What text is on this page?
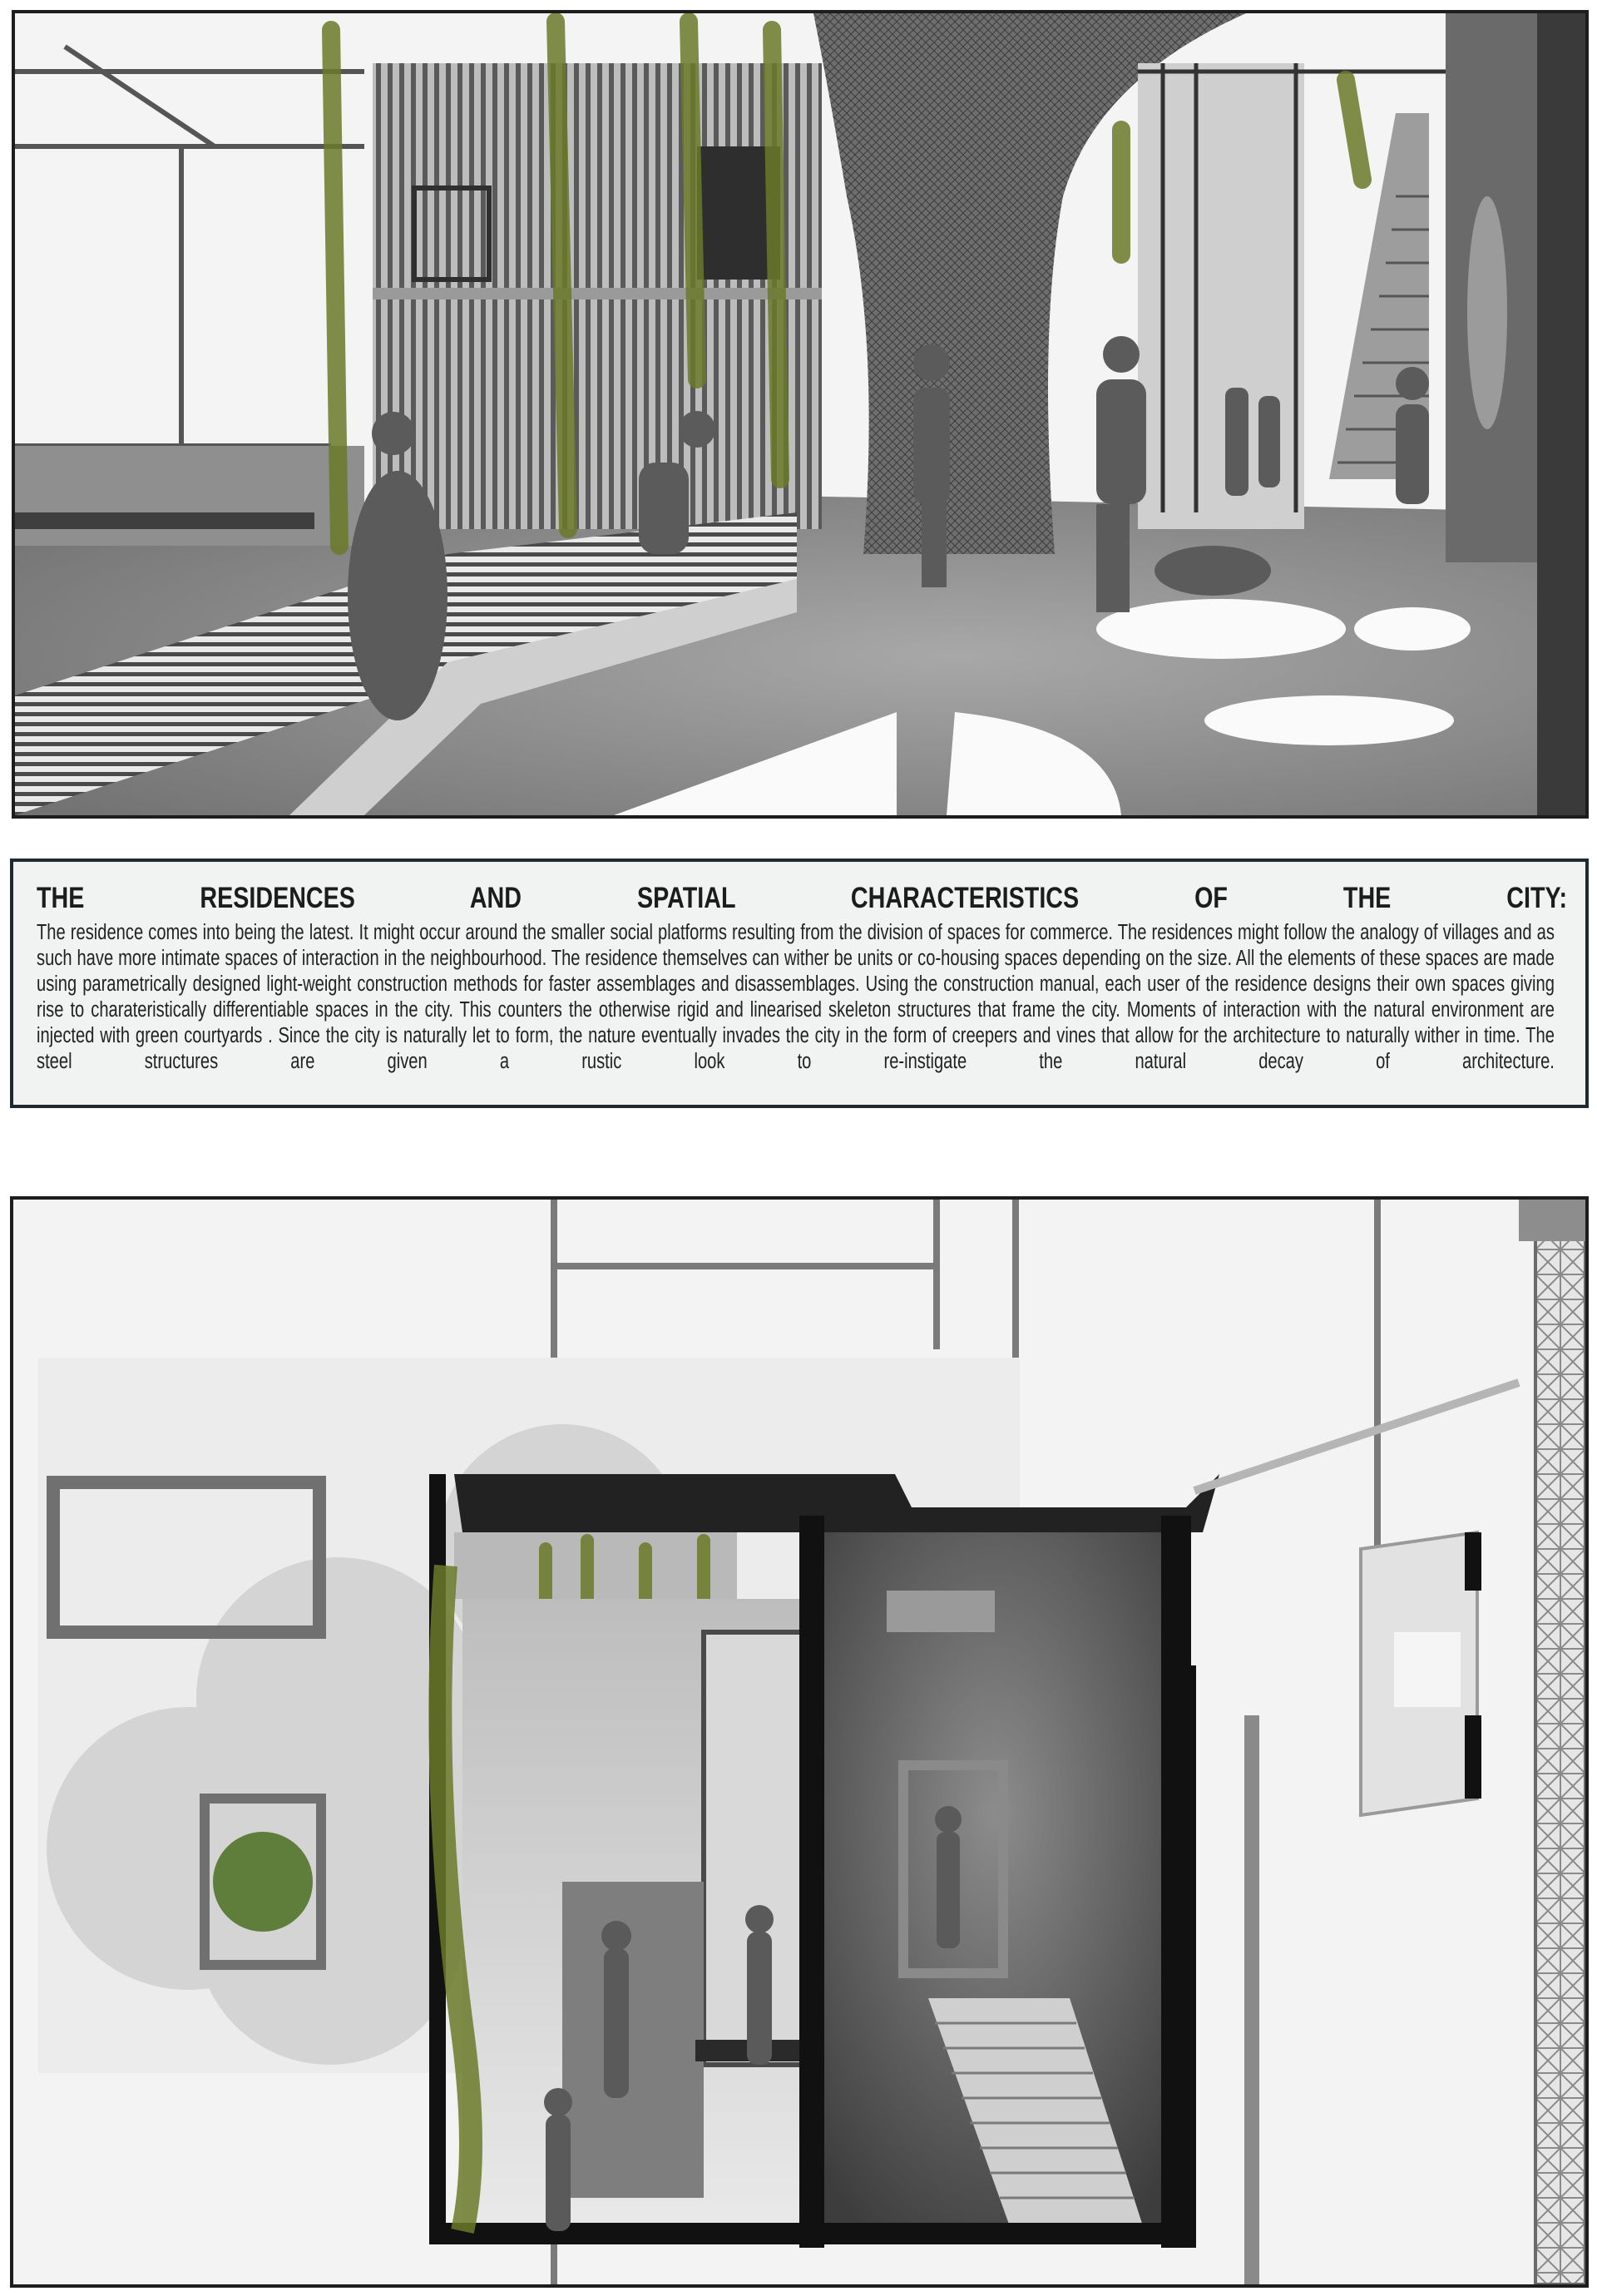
THE RESIDENCES AND SPATIAL CHARACTERISTICS OF THE CITY:
The residence comes into being the latest. It might occur around the smaller social platforms resulting from the division of spaces for commerce. The residences might follow the analogy of villages and as such have more intimate spaces of interaction in the neighbourhood. The residence themselves can wither be units or co-housing spaces depending on the size. All the elements of these spaces are made using parametrically designed light-weight construction methods for faster assemblages and disassemblages. Using the construction manual, each user of the residence designs their own spaces giving rise to charateristically differentiable spaces in the city. This counters the otherwise rigid and linearised skeleton structures that frame the city. Moments of interaction with the natural environment are injected with green courtyards . Since the city is naturally let to form, the nature eventually invades the city in the form of creepers and vines that allow for the architecture to naturally wither in time. The steel structures are given a rustic look to re-instigate the natural decay of architecture.
